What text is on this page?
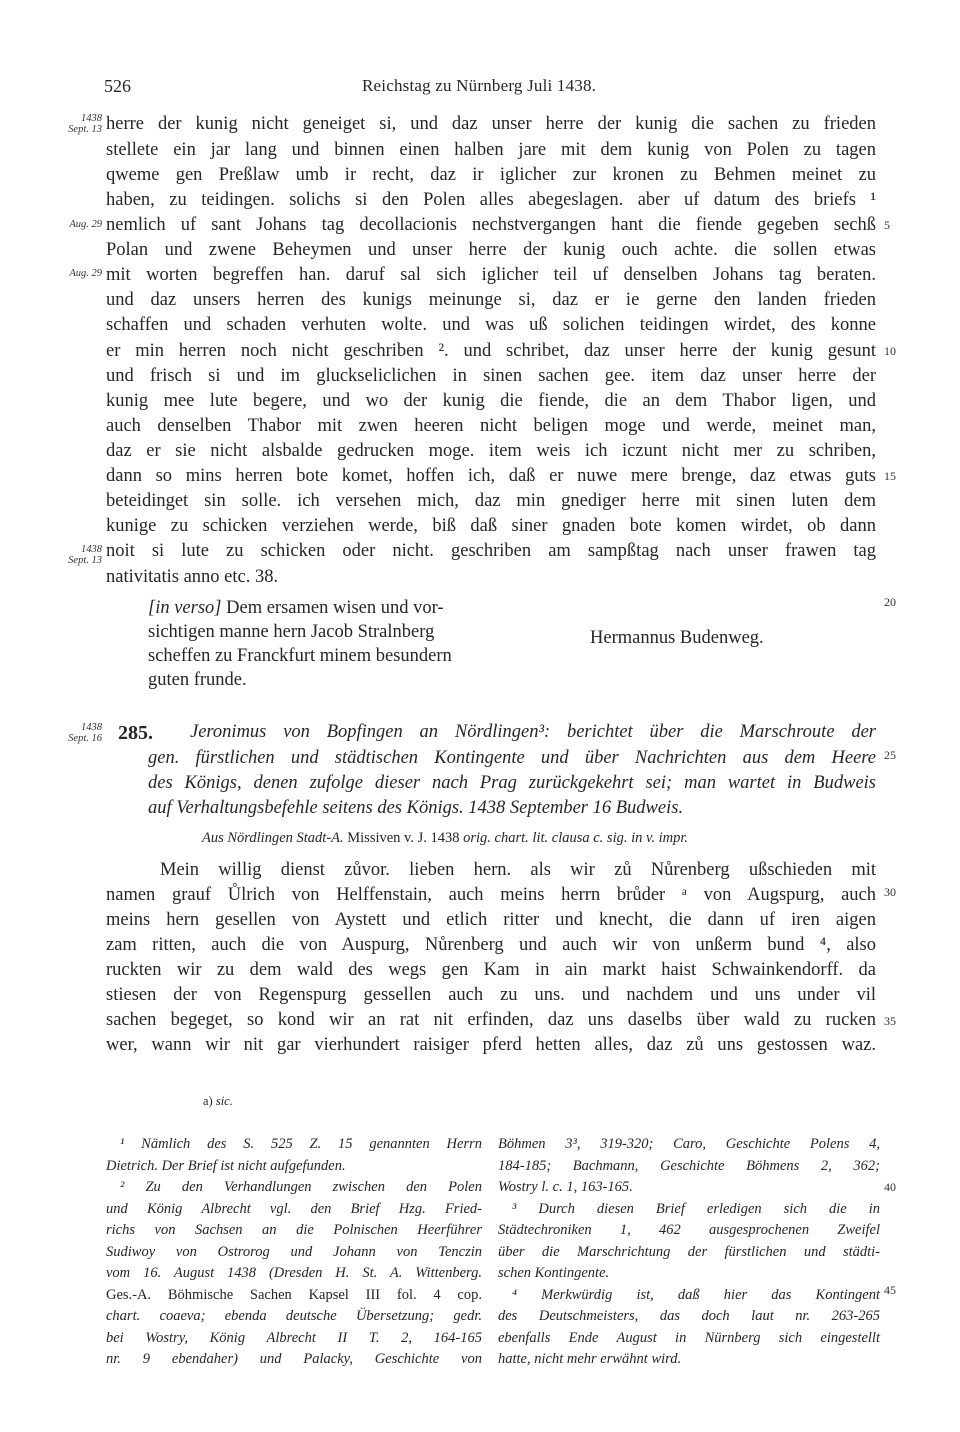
526	Reichstag zu Nürnberg Juli 1438.
1438
Sept. 13
Aug. 29
Aug. 29
1438
Sept. 13
herre der kunig nicht geneiget si, und daz unser herre der kunig die sachen zu frieden
stellete ein jar lang und binnen einen halben jare mit dem kunig von Polen zu tagen
qweme gen Preßlaw umb ir recht, daz ir iglicher zur kronen zu Behmen meinet zu
haben, zu teidingen. solichs si den Polen alles abegeslagen. aber uf datum des briefs ¹
nemlich uf sant Johans tag decollacionis nechstvergangen hant die fiende gegeben sechß
Polan und zwene Beheymen und unser herre der kunig ouch achte. die sollen etwas
mit worten begreffen han. daruf sal sich iglicher teil uf denselben Johans tag beraten.
und daz unsers herren des kunigs meinunge si, daz er ie gerne den landen frieden
schaffen und schaden verhuten wolte. und was uß solichen teidingen wirdet, des konne
er min herren noch nicht geschriben ². und schribet, daz unser herre der kunig gesunt
und frisch si und im gluckseliclichen in sinen sachen gee. item daz unser herre der
kunig mee lute begere, und wo der kunig die fiende, die an dem Thabor ligen, und
auch denselben Thabor mit zwen heeren nicht beligen moge und werde, meinet man,
daz er sie nicht alsbalde gedrucken moge. item weis ich iczunt nicht mer zu schriben,
dann so mins herren bote komet, hoffen ich, daß er nuwe mere brenge, daz etwas guts
beteidinget sin solle. ich versehen mich, daz min gnediger herre mit sinen luten dem
kunige zu schicken verziehen werde, biß daß siner gnaden bote komen wirdet, ob dann
noit si lute zu schicken oder nicht. geschriben am sampßtag nach unser frawen tag
nativitatis anno etc. 38.
5
10
15
20
25
30
35
40
45
[in verso] Dem ersamen wisen und vor-
sichtigen manne hern Jacob Stralnberg
scheffen zu Franckfurt minem besundern
guten frunde.
Hermannus Budenweg.
1438
Sept. 16 285. Jeronimus von Bopfingen an Nördlingen³: berichtet über die Marschroute der
gen. fürstlichen und städtischen Kontingente und über Nachrichten aus dem Heere
des Königs, denen zufolge dieser nach Prag zurückgekehrt sei; man wartet in Budweis
auf Verhaltungsbefehle seitens des Königs. 1438 September 16 Budweis.
Aus Nördlingen Stadt-A. Missiven v. J. 1438 orig. chart. lit. clausa c. sig. in v. impr.
Mein willig dienst zůvor. lieben hern. als wir zů Nůrenberg ußschieden mit
namen grauf Ůlrich von Helffenstain, auch meins herrn brůder ᵃ von Augspurg, auch
meins hern gesellen von Aystett und etlich ritter und knecht, die dann uf iren aigen
zam ritten, auch die von Auspurg, Nůrenberg und auch wir von unßerm bund ⁴, also
ruckten wir zu dem wald des wegs gen Kam in ain markt haist Schwainkendorff. da
stiesen der von Regenspurg gessellen auch zu uns. und nachdem und uns under vil
sachen begeget, so kond wir an rat nit erfinden, daz uns daselbs über wald zu rucken
wer, wann wir nit gar vierhundert raisiger pferd hetten alles, daz zů uns gestossen waz.
a) sic.
¹ Nämlich des S. 525 Z. 15 genannten Herrn
Dietrich. Der Brief ist nicht aufgefunden.
² Zu den Verhandlungen zwischen den Polen
und König Albrecht vgl. den Brief Hzg. Fried-
richs von Sachsen an die Polnischen Heerführer
Sudiwoy von Ostrorog und Johann von Tenczin
vom 16. August 1438 (Dresden H. St. A. Wittenberg.
Ges.-A. Böhmische Sachen Kapsel III fol. 4 cop.
chart. coaeva; ebenda deutsche Übersetzung; gedr.
bei Wostry, König Albrecht II T. 2, 164-165
nr. 9 ebendaher) und Palacky, Geschichte von
Böhmen 3³, 319-320; Caro, Geschichte Polens 4,
184-185; Bachmann, Geschichte Böhmens 2, 362;
Wostry l. c. 1, 163-165.
³ Durch diesen Brief erledigen sich die in
Städtechroniken 1, 462 ausgesprochenen Zweifel
über die Marschrichtung der fürstlichen und städti-
schen Kontingente.
⁴ Merkwürdig ist, daß hier das Kontingent
des Deutschmeisters, das doch laut nr. 263-265
ebenfalls Ende August in Nürnberg sich eingestellt
hatte, nicht mehr erwähnt wird.
